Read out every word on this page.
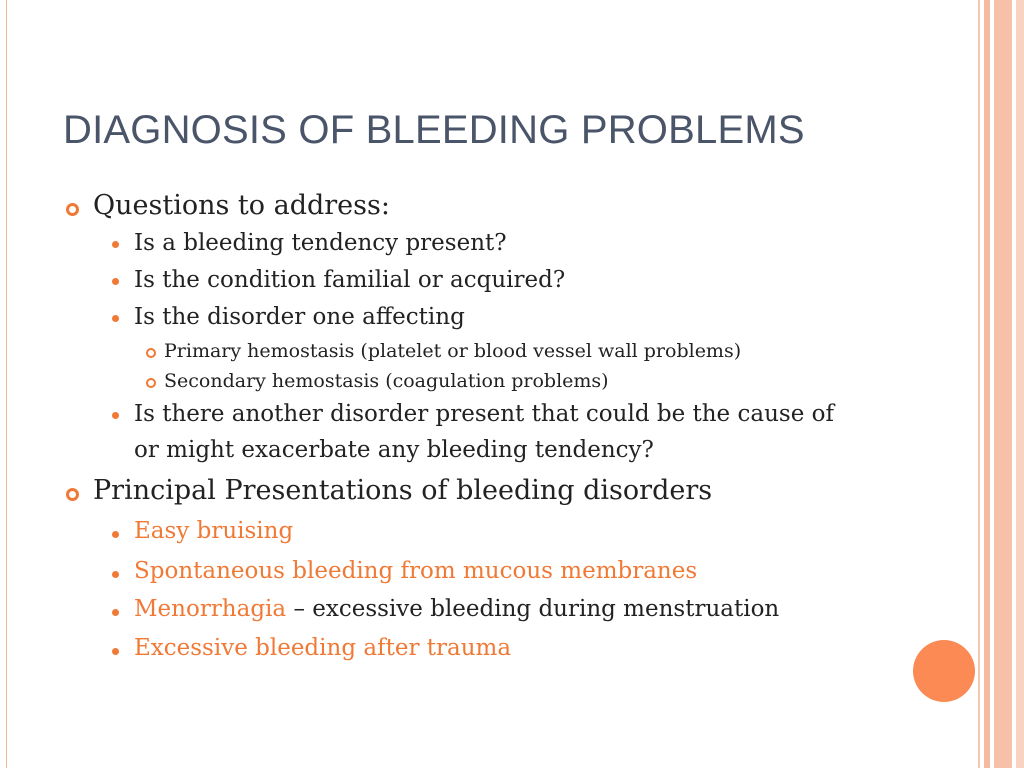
DIAGNOSIS OF BLEEDING PROBLEMS
Questions to address:
Is a bleeding tendency present?
Is the condition familial or acquired?
Is the disorder one affecting
Primary hemostasis (platelet or blood vessel wall problems)
Secondary hemostasis (coagulation problems)
Is there another disorder present that could be the cause of
or might exacerbate any bleeding tendency?
Principal Presentations of bleeding disorders
Easy bruising
Spontaneous bleeding from mucous membranes
Menorrhagia – excessive bleeding during menstruation
Excessive bleeding after trauma
